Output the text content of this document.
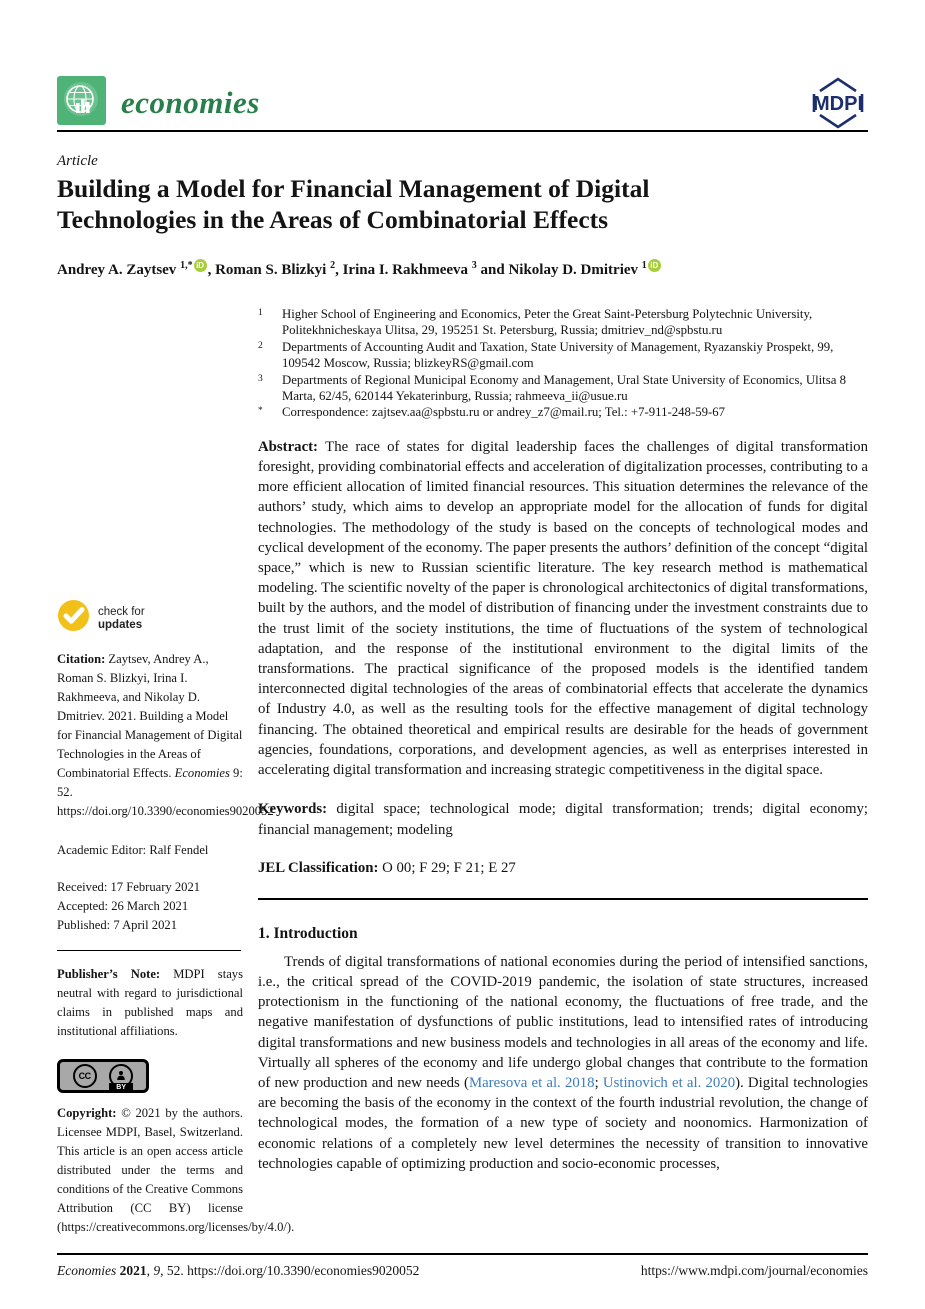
economies	MDPI
Article
Building a Model for Financial Management of Digital Technologies in the Areas of Combinatorial Effects
Andrey A. Zaytsev $^{1,*}$ iD , Roman S. Blizkyi $^2$, Irina I. Rakhmeeva $^3$ and Nikolay D. Dmitriev $^1$ iD
1	Higher School of Engineering and Economics, Peter the Great Saint-Petersburg Polytechnic University, Politekhnicheskaya Ulitsa, 29, 195251 St. Petersburg, Russia; dmitriev_nd@spbstu.ru
2	Departments of Accounting Audit and Taxation, State University of Management, Ryazanskiy Prospekt, 99, 109542 Moscow, Russia; blizkeyRS@gmail.com
3	Departments of Regional Municipal Economy and Management, Ural State University of Economics, Ulitsa 8 Marta, 62/45, 620144 Yekaterinburg, Russia; rahmeeva_ii@usue.ru
*	Correspondence: zajtsev.aa@spbstu.ru or andrey_z7@mail.ru; Tel.: +7-911-248-59-67
Abstract: The race of states for digital leadership faces the challenges of digital transformation foresight, providing combinatorial effects and acceleration of digitalization processes, contributing to a more efficient allocation of limited financial resources. This situation determines the relevance of the authors’ study, which aims to develop an appropriate model for the allocation of funds for digital technologies. The methodology of the study is based on the concepts of technological modes and cyclical development of the economy. The paper presents the authors’ definition of the concept “digital space,” which is new to Russian scientific literature. The key research method is mathematical modeling. The scientific novelty of the paper is chronological architectonics of digital transformations, built by the authors, and the model of distribution of financing under the investment constraints due to the trust limit of the society institutions, the time of fluctuations of the system of technological adaptation, and the response of the institutional environment to the digital limits of the transformations. The practical significance of the proposed models is the identified tandem interconnected digital technologies of the areas of combinatorial effects that accelerate the dynamics of Industry 4.0, as well as the resulting tools for the effective management of digital technology financing. The obtained theoretical and empirical results are desirable for the heads of government agencies, foundations, corporations, and development agencies, as well as enterprises interested in accelerating digital transformation and increasing strategic competitiveness in the digital space.
Keywords: digital space; technological mode; digital transformation; trends; digital economy; financial management; modeling
JEL Classification: O 00; F 29; F 21; E 27
1. Introduction
Trends of digital transformations of national economies during the period of intensified sanctions, i.e., the critical spread of the COVID-2019 pandemic, the isolation of state structures, increased protectionism in the functioning of the national economy, the fluctuations of free trade, and the negative manifestation of dysfunctions of public institutions, lead to intensified rates of introducing digital transformations and new business models and technologies in all areas of the economy and life. Virtually all spheres of the economy and life undergo global changes that contribute to the formation of new production and new needs (Maresova et al. 2018; Ustinovich et al. 2020). Digital technologies are becoming the basis of the economy in the context of the fourth industrial revolution, the change of technological modes, the formation of a new type of society and noonomics. Harmonization of economic relations of a completely new level determines the necessity of transition to innovative technologies capable of optimizing production and socio-economic processes,
check for
updates
Citation: Zaytsev, Andrey A., Roman S. Blizkyi, Irina I. Rakhmeeva, and Nikolay D. Dmitriev. 2021. Building a Model for Financial Management of Digital Technologies in the Areas of Combinatorial Effects. Economies 9: 52. https://doi.org/10.3390/economies9020052
Academic Editor: Ralf Fendel
Received: 17 February 2021
Accepted: 26 March 2021
Published: 7 April 2021
Publisher’s Note: MDPI stays neutral with regard to jurisdictional claims in published maps and institutional affiliations.
CC
BY
Copyright: © 2021 by the authors. Licensee MDPI, Basel, Switzerland. This article is an open access article distributed under the terms and conditions of the Creative Commons Attribution (CC BY) license (https://creativecommons.org/licenses/by/4.0/).
Economies 2021, 9, 52. https://doi.org/10.3390/economies9020052	https://www.mdpi.com/journal/economies
